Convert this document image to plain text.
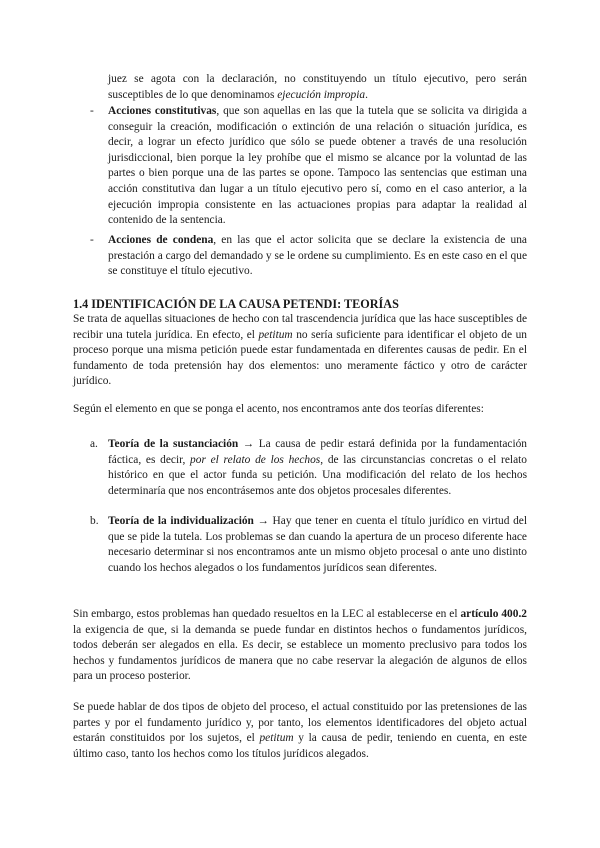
juez se agota con la declaración, no constituyendo un título ejecutivo, pero serán susceptibles de lo que denominamos ejecución impropia.

- Acciones constitutivas, que son aquellas en las que la tutela que se solicita va dirigida a conseguir la creación, modificación o extinción de una relación o situación jurídica, es decir, a lograr un efecto jurídico que sólo se puede obtener a través de una resolución jurisdiccional, bien porque la ley prohíbe que el mismo se alcance por la voluntad de las partes o bien porque una de las partes se opone. Tampoco las sentencias que estiman una acción constitutiva dan lugar a un título ejecutivo pero sí, como en el caso anterior, a la ejecución impropia consistente en las actuaciones propias para adaptar la realidad al contenido de la sentencia.

- Acciones de condena, en las que el actor solicita que se declare la existencia de una prestación a cargo del demandado y se le ordene su cumplimiento. Es en este caso en el que se constituye el título ejecutivo.

1.4 IDENTIFICACIÓN DE LA CAUSA PETENDI: TEORÍAS

Se trata de aquellas situaciones de hecho con tal trascendencia jurídica que las hace susceptibles de recibir una tutela jurídica. En efecto, el petitum no sería suficiente para identificar el objeto de un proceso porque una misma petición puede estar fundamentada en diferentes causas de pedir. En el fundamento de toda pretensión hay dos elementos: uno meramente fáctico y otro de carácter jurídico.

Según el elemento en que se ponga el acento, nos encontramos ante dos teorías diferentes:

a. Teoría de la sustanciación → La causa de pedir estará definida por la fundamentación fáctica, es decir, por el relato de los hechos, de las circunstancias concretas o el relato histórico en que el actor funda su petición. Una modificación del relato de los hechos determinaría que nos encontrásemos ante dos objetos procesales diferentes.

b. Teoría de la individualización → Hay que tener en cuenta el título jurídico en virtud del que se pide la tutela. Los problemas se dan cuando la apertura de un proceso diferente hace necesario determinar si nos encontramos ante un mismo objeto procesal o ante uno distinto cuando los hechos alegados o los fundamentos jurídicos sean diferentes.

Sin embargo, estos problemas han quedado resueltos en la LEC al establecerse en el artículo 400.2 la exigencia de que, si la demanda se puede fundar en distintos hechos o fundamentos jurídicos, todos deberán ser alegados en ella. Es decir, se establece un momento preclusivo para todos los hechos y fundamentos jurídicos de manera que no cabe reservar la alegación de algunos de ellos para un proceso posterior.

Se puede hablar de dos tipos de objeto del proceso, el actual constituido por las pretensiones de las partes y por el fundamento jurídico y, por tanto, los elementos identificadores del objeto actual estarán constituidos por los sujetos, el petitum y la causa de pedir, teniendo en cuenta, en este último caso, tanto los hechos como los títulos jurídicos alegados.
